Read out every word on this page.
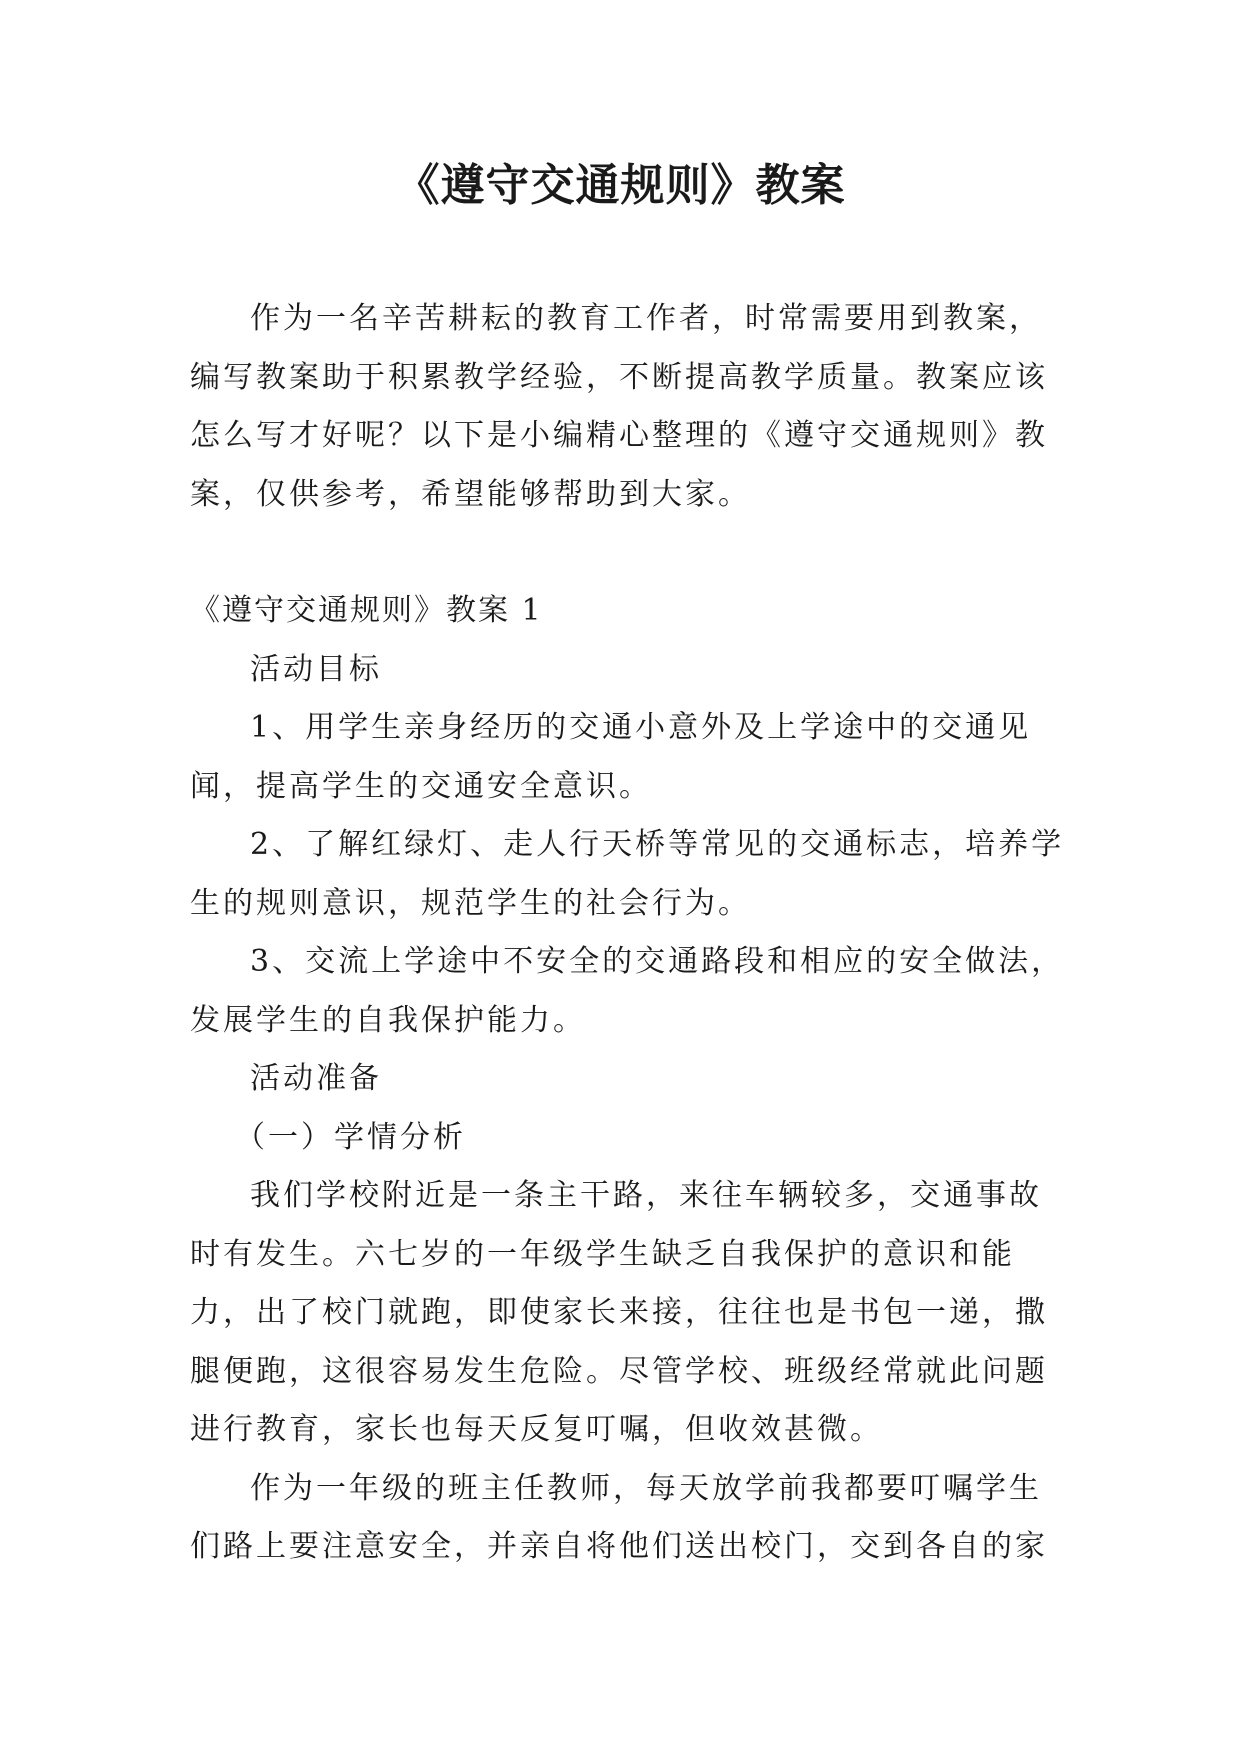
《遵守交通规则》教案

作为一名辛苦耕耘的教育工作者，时常需要用到教案，编写教案助于积累教学经验，不断提高教学质量。教案应该怎么写才好呢？以下是小编精心整理的《遵守交通规则》教案，仅供参考，希望能够帮助到大家。

《遵守交通规则》教案 1

活动目标

1、用学生亲身经历的交通小意外及上学途中的交通见闻，提高学生的交通安全意识。

2、了解红绿灯、走人行天桥等常见的交通标志，培养学生的规则意识，规范学生的社会行为。

3、交流上学途中不安全的交通路段和相应的安全做法，发展学生的自我保护能力。

活动准备

（一）学情分析

我们学校附近是一条主干路，来往车辆较多，交通事故时有发生。六七岁的一年级学生缺乏自我保护的意识和能力，出了校门就跑，即使家长来接，往往也是书包一递，撒腿便跑，这很容易发生危险。尽管学校、班级经常就此问题进行教育，家长也每天反复叮嘱，但收效甚微。

作为一年级的班主任教师，每天放学前我都要叮嘱学生们路上要注意安全，并亲自将他们送出校门，交到各自的家
